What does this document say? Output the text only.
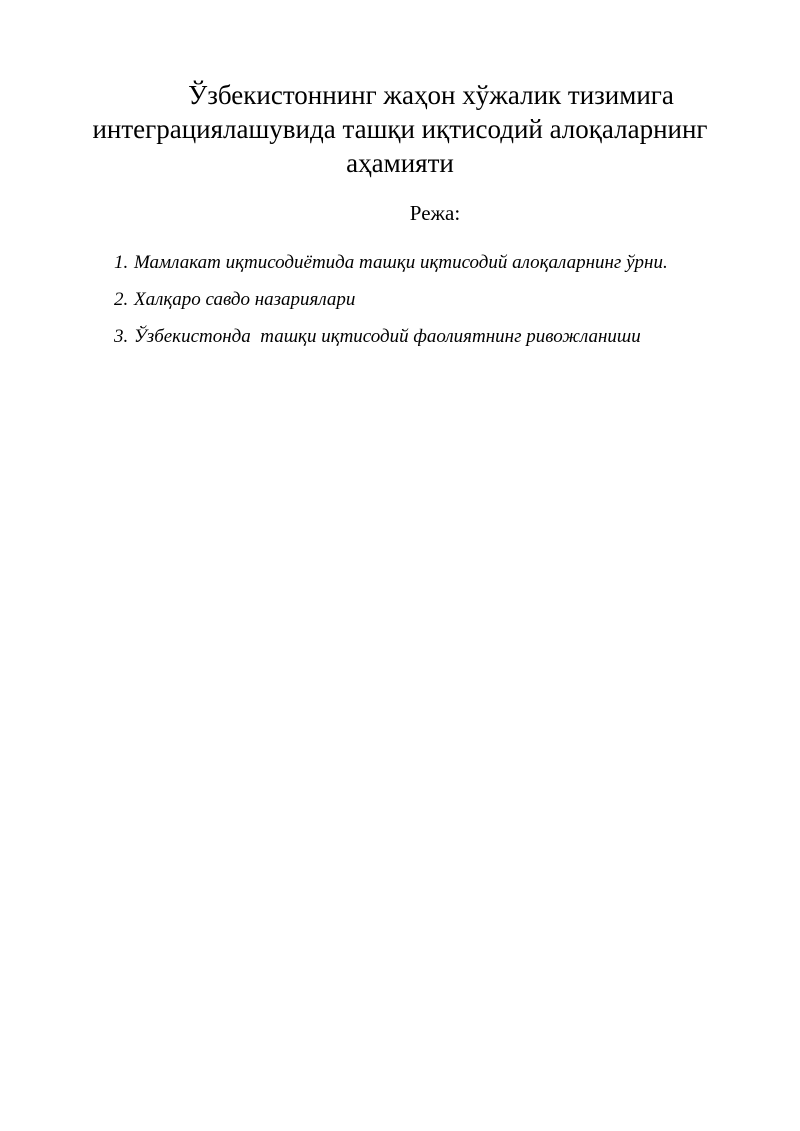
Ўзбекистоннинг жаҳон хўжалик тизимига
интеграциялашувида ташқи иқтисодий алоқаларнинг
аҳамияти
Режа:
1. Мамлакат иқтисодиётида ташқи иқтисодий алоқаларнинг ўрни.
2. Халқаро савдо назариялари
3. Ўзбекистонда  ташқи иқтисодий фаолиятнинг ривожланиши
